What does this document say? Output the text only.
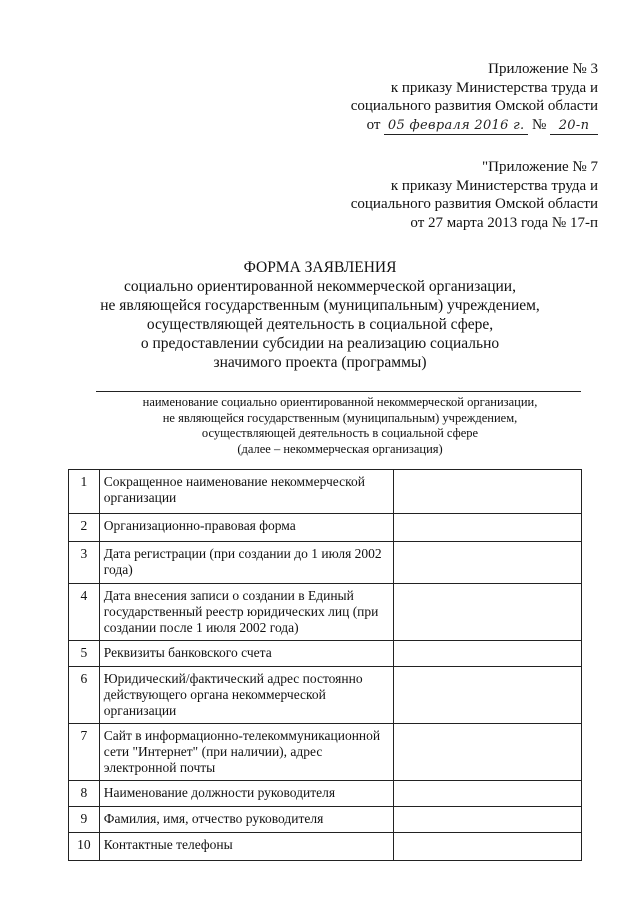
Приложение № 3
к приказу Министерства труда и
социального развития Омской области
от 05 февраля 2016 г. № 20-п
"Приложение № 7
к приказу Министерства труда и
социального развития Омской области
от 27 марта 2013 года № 17-п
ФОРМА ЗАЯВЛЕНИЯ
социально ориентированной некоммерческой организации,
не являющейся государственным (муниципальным) учреждением,
осуществляющей деятельность в социальной сфере,
о предоставлении субсидии на реализацию социально
значимого проекта (программы)
наименование социально ориентированной некоммерческой организации,
не являющейся государственным (муниципальным) учреждением,
осуществляющей деятельность в социальной сфере
(далее – некоммерческая организация)
1	Сокращенное наименование некоммерческой организации	
2	Организационно-правовая форма	
3	Дата регистрации (при создании до 1 июля 2002 года)	
4	Дата внесения записи о создании в Единый государственный реестр юридических лиц (при создании после 1 июля 2002 года)	
5	Реквизиты банковского счета	
6	Юридический/фактический адрес постоянно действующего органа некоммерческой организации	
7	Сайт в информационно-телекоммуникационной сети "Интернет" (при наличии), адрес электронной почты	
8	Наименование должности руководителя	
9	Фамилия, имя, отчество руководителя	
10	Контактные телефоны	
